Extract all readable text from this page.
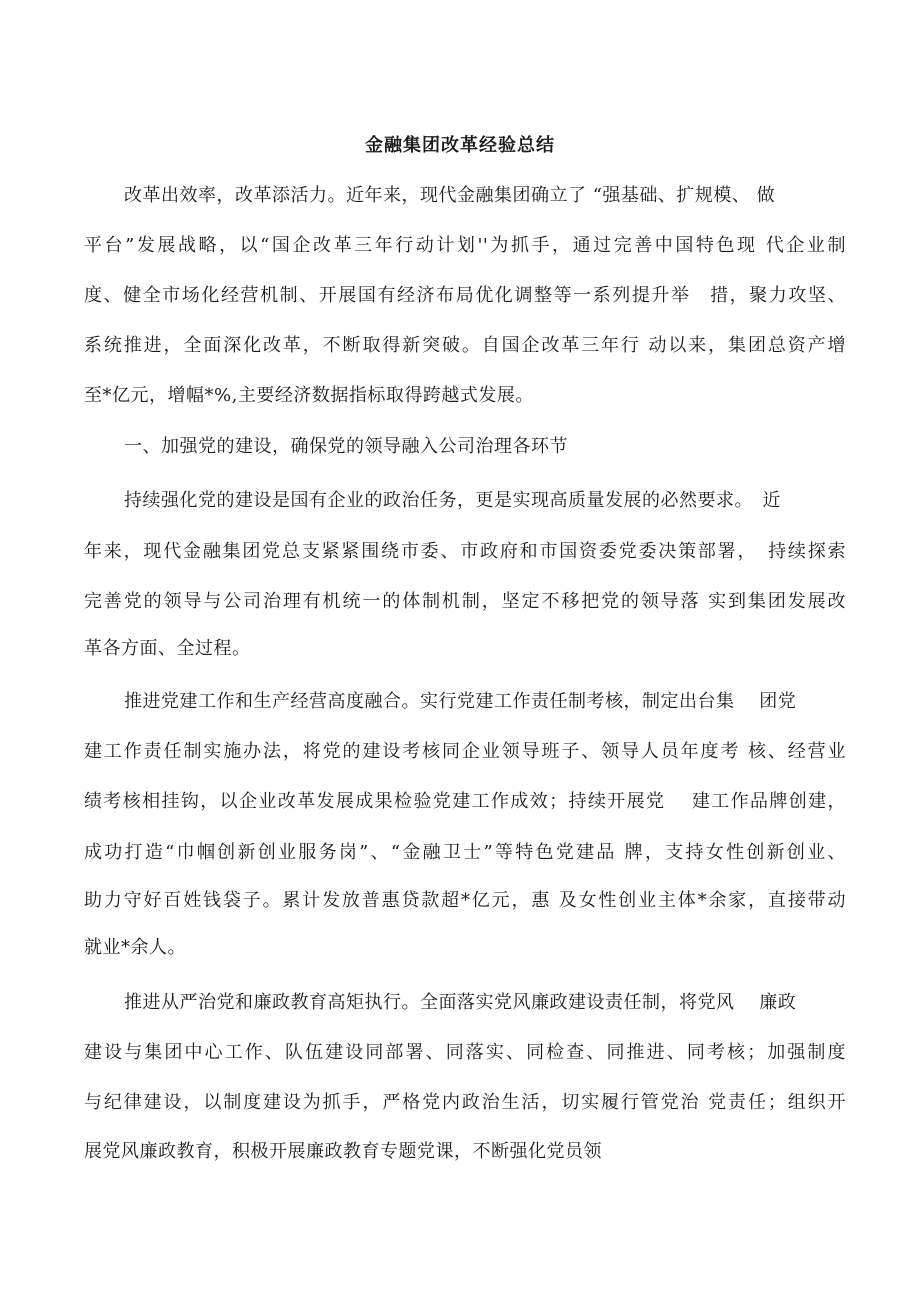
金融集团改革经验总结
改革出效率，改革添活力。近年来，现代金融集团确立了 “强基础、扩规模、 做
平台”发展战略，以“国企改革三年行动计划''为抓手，通过完善中国特色现 代企业制
度、健全市场化经营机制、开展国有经济布局优化调整等一系列提升举　措，聚力攻坚、
系统推进，全面深化改革，不断取得新突破。自国企改革三年行 动以来，集团总资产增
至*亿元，增幅*%,主要经济数据指标取得跨越式发展。
一、加强党的建设，确保党的领导融入公司治理各环节
持续强化党的建设是国有企业的政治任务，更是实现高质量发展的必然要求。　近
年来，现代金融集团党总支紧紧围绕市委、市政府和市国资委党委决策部署，　持续探索
完善党的领导与公司治理有机统一的体制机制，坚定不移把党的领导落 实到集团发展改
革各方面、全过程。
推进党建工作和生产经营高度融合。实行党建工作责任制考核，制定出台集　 团党
建工作责任制实施办法，将党的建设考核同企业领导班子、领导人员年度考 核、经营业
绩考核相挂钩，以企业改革发展成果检验党建工作成效；持续开展党　 建工作品牌创建，
成功打造“巾帼创新创业服务岗”、“金融卫士”等特色党建品 牌，支持女性创新创业、
助力守好百姓钱袋子。累计发放普惠贷款超*亿元，惠 及女性创业主体*余家，直接带动
就业*余人。
推进从严治党和廉政教育高矩执行。全面落实党风廉政建设责任制，将党风　 廉政
建设与集团中心工作、队伍建设同部署、同落实、同检查、同推进、同考核；加强制度
与纪律建设，以制度建设为抓手，严格党内政治生活，切实履行管党治 党责任；组织开
展党风廉政教育，积极开展廉政教育专题党课，不断强化党员领
